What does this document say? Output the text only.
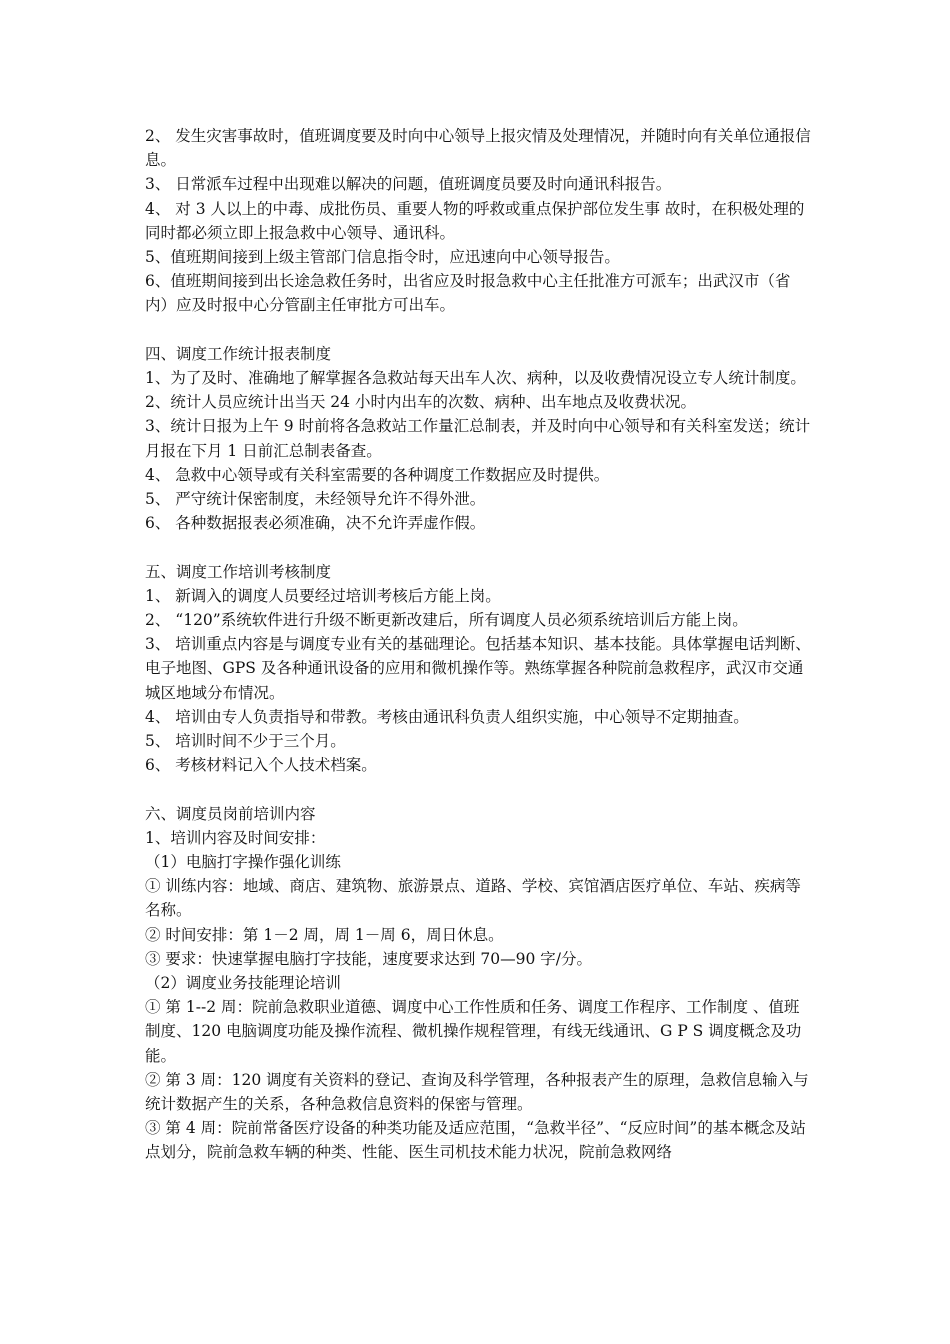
2、 发生灾害事故时，值班调度要及时向中心领导上报灾情及处理情况，并随时向有关单位通报信息。

3、 日常派车过程中出现难以解决的问题，值班调度员要及时向通讯科报告。

4、 对 3 人以上的中毒、成批伤员、重要人物的呼救或重点保护部位发生事 故时，在积极处理的同时都必须立即上报急救中心领导、通讯科。

5、值班期间接到上级主管部门信息指令时，应迅速向中心领导报告。

6、值班期间接到出长途急救任务时，出省应及时报急救中心主任批准方可派车；出武汉市（省内）应及时报中心分管副主任审批方可出车。

四、调度工作统计报表制度

1、为了及时、准确地了解掌握各急救站每天出车人次、病种，以及收费情况设立专人统计制度。

2、统计人员应统计出当天 24 小时内出车的次数、病种、出车地点及收费状况。

3、统计日报为上午 9 时前将各急救站工作量汇总制表，并及时向中心领导和有关科室发送；统计月报在下月 1 日前汇总制表备查。

4、 急救中心领导或有关科室需要的各种调度工作数据应及时提供。

5、 严守统计保密制度，未经领导允许不得外泄。

6、 各种数据报表必须准确，决不允许弄虚作假。

五、调度工作培训考核制度

1、 新调入的调度人员要经过培训考核后方能上岗。

2、 “120”系统软件进行升级不断更新改建后，所有调度人员必须系统培训后方能上岗。

3、 培训重点内容是与调度专业有关的基础理论。包括基本知识、基本技能。具体掌握电话判断、电子地图、GPS 及各种通讯设备的应用和微机操作等。熟练掌握各种院前急救程序，武汉市交通城区地域分布情况。

4、 培训由专人负责指导和带教。考核由通讯科负责人组织实施，中心领导不定期抽查。

5、 培训时间不少于三个月。

6、 考核材料记入个人技术档案。

六、调度员岗前培训内容

1、培训内容及时间安排：

（1）电脑打字操作强化训练

① 训练内容：地域、商店、建筑物、旅游景点、道路、学校、宾馆酒店医疗单位、车站、疾病等名称。

② 时间安排：第 1－2 周，周 1－周 6，周日休息。

③ 要求：快速掌握电脑打字技能，速度要求达到 70—90 字/分。

（2）调度业务技能理论培训

① 第 1--2 周：院前急救职业道德、调度中心工作性质和任务、调度工作程序、工作制度 、值班制度、120 电脑调度功能及操作流程、微机操作规程管理，有线无线通讯、G P S 调度概念及功能。

② 第 3 周：120 调度有关资料的登记、查询及科学管理，各种报表产生的原理，急救信息输入与统计数据产生的关系，各种急救信息资料的保密与管理。

③ 第 4 周：院前常备医疗设备的种类功能及适应范围，“急救半径”、“反应时间”的基本概念及站点划分，院前急救车辆的种类、性能、医生司机技术能力状况，院前急救网络
